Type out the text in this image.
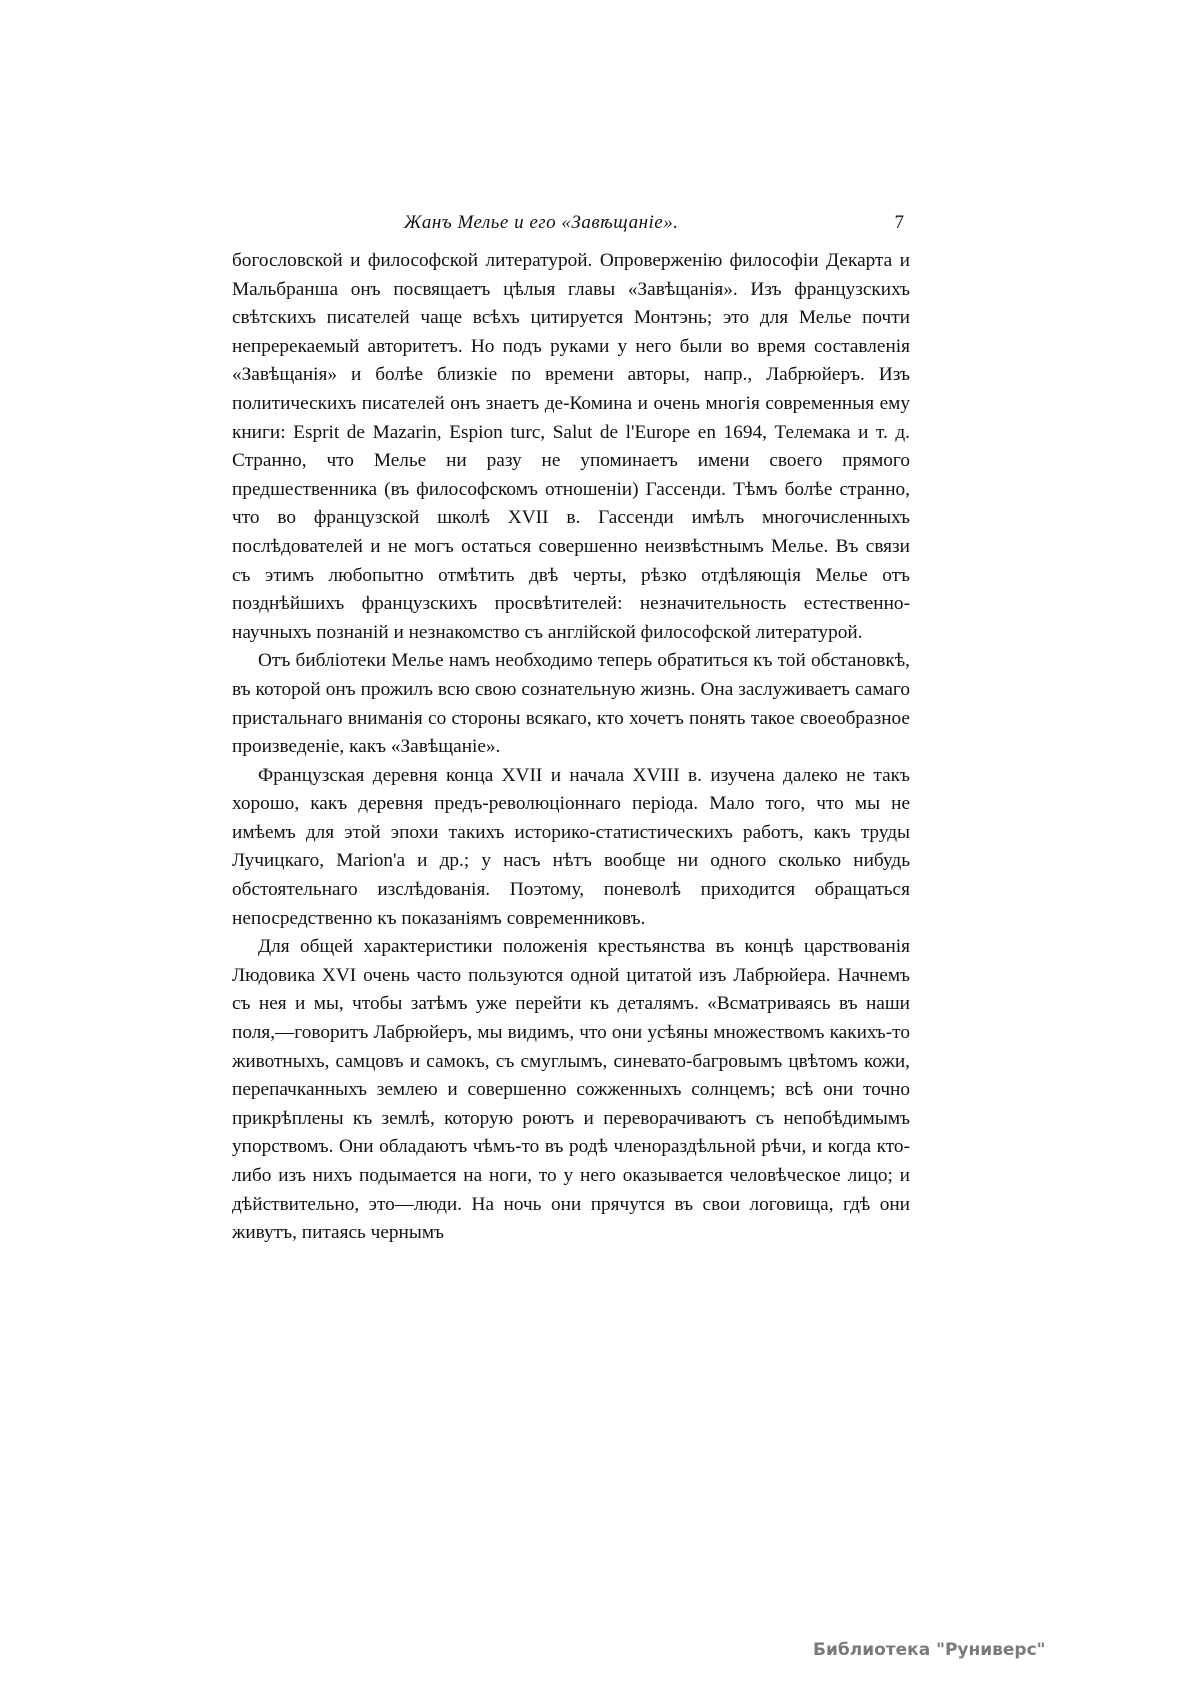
Жанъ Мелье и его «Завѣщаніе».	7

богословской и философской литературой. Опроверженію философіи Декарта и Мальбранша онъ посвящаетъ цѣлыя главы «Завѣщанія». Изъ французскихъ свѣтскихъ писателей чаще всѣхъ цитируется Монтэнь; это для Мелье почти непререкаемый авторитетъ. Но подъ руками у него были во время составленія «Завѣщанія» и болѣе близкіе по времени авторы, напр., Лабрюйеръ. Изъ политическихъ писателей онъ знаетъ де-Комина и очень многія современныя ему книги: Esprit de Mazarin, Espion turc, Salut de l'Europe en 1694, Телемака и т. д. Странно, что Мелье ни разу не упоминаетъ имени своего прямого предшественника (въ философскомъ отношеніи) Гассенди. Тѣмъ болѣе странно, что во французской школѣ XVII в. Гассенди имѣлъ многочисленныхъ послѣдователей и не могъ остаться совершенно неизвѣстнымъ Мелье. Въ связи съ этимъ любопытно отмѣтить двѣ черты, рѣзко отдѣляющія Мелье отъ позднѣйшихъ французскихъ просвѣтителей: незначительность естественно-научныхъ познаній и незнакомство съ англійской философской литературой.

Отъ библіотеки Мелье намъ необходимо теперь обратиться къ той обстановкѣ, въ которой онъ прожилъ всю свою сознательную жизнь. Она заслуживаетъ самаго пристальнаго вниманія со стороны всякаго, кто хочетъ понять такое своеобразное произведеніе, какъ «Завѣщаніе».

Французская деревня конца XVII и начала XVIII в. изучена далеко не такъ хорошо, какъ деревня предъ-революціоннаго періода. Мало того, что мы не имѣемъ для этой эпохи такихъ историко-статистическихъ работъ, какъ труды Лучицкаго, Marion'а и др.; у насъ нѣтъ вообще ни одного сколько нибудь обстоятельнаго изслѣдованія. Поэтому, поневолѣ приходится обращаться непосредственно къ показаніямъ современниковъ.

Для общей характеристики положенія крестьянства въ концѣ царствованія Людовика XVI очень часто пользуются одной цитатой изъ Лабрюйера. Начнемъ съ нея и мы, чтобы затѣмъ уже перейти къ деталямъ. «Всматриваясь въ наши поля,—говоритъ Лабрюйеръ, мы видимъ, что они усѣяны множествомъ какихъ-то животныхъ, самцовъ и самокъ, съ смуглымъ, синевато-багровымъ цвѣтомъ кожи, перепачканныхъ землею и совершенно сожженныхъ солнцемъ; всѣ они точно прикрѣплены къ землѣ, которую роютъ и переворачиваютъ съ непобѣдимымъ упорствомъ. Они обладаютъ чѣмъ-то въ родѣ членораздѣльной рѣчи, и когда кто-либо изъ нихъ подымается на ноги, то у него оказывается человѣческое лицо; и дѣйствительно, это—люди. На ночь они прячутся въ свои логовища, гдѣ они живутъ, питаясь чернымъ

Библиотека "Руниверс"
